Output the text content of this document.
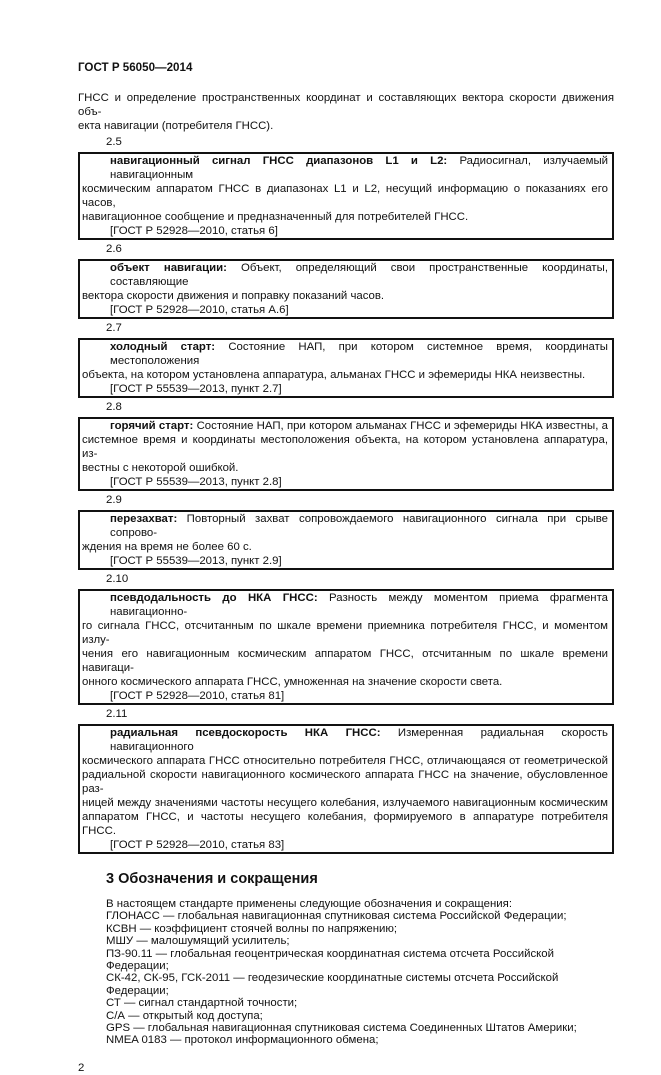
ГОСТ Р 56050—2014
ГНСС и определение пространственных координат и составляющих вектора скорости движения объ-
екта навигации (потребителя ГНСС).
2.5
навигационный сигнал ГНСС диапазонов L1 и L2: Радиосигнал, излучаемый навигационным
космическим аппаратом ГНСС в диапазонах L1 и L2, несущий информацию о показаниях его часов,
навигационное сообщение и предназначенный для потребителей ГНСС.
[ГОСТ Р 52928—2010, статья 6]
2.6
объект навигации: Объект, определяющий свои пространственные координаты, составляющие
вектора скорости движения и поправку показаний часов.
[ГОСТ Р 52928—2010, статья А.6]
2.7
холодный старт: Состояние НАП, при котором системное время, координаты местоположения
объекта, на котором установлена аппаратура, альманах ГНСС и эфемериды НКА неизвестны.
[ГОСТ Р 55539—2013, пункт 2.7]
2.8
горячий старт: Состояние НАП, при котором альманах ГНСС и эфемериды НКА известны, а
системное время и координаты местоположения объекта, на котором установлена аппаратура, из-
вестны с некоторой ошибкой.
[ГОСТ Р 55539—2013, пункт 2.8]
2.9
перезахват: Повторный захват сопровождаемого навигационного сигнала при срыве сопрово-
ждения на время не более 60 с.
[ГОСТ Р 55539—2013, пункт 2.9]
2.10
псевдодальность до НКА ГНСС: Разность между моментом приема фрагмента навигационно-
го сигнала ГНСС, отсчитанным по шкале времени приемника потребителя ГНСС, и моментом излу-
чения его навигационным космическим аппаратом ГНСС, отсчитанным по шкале времени навигаци-
онного космического аппарата ГНСС, умноженная на значение скорости света.
[ГОСТ Р 52928—2010, статья 81]
2.11
радиальная псевдоскорость НКА ГНСС: Измеренная радиальная скорость навигационного
космического аппарата ГНСС относительно потребителя ГНСС, отличающаяся от геометрической
радиальной скорости навигационного космического аппарата ГНСС на значение, обусловленное раз-
ницей между значениями частоты несущего колебания, излучаемого навигационным космическим
аппаратом ГНСС, и частоты несущего колебания, формируемого в аппаратуре потребителя ГНСС.
[ГОСТ Р 52928—2010, статья 83]
3 Обозначения и сокращения
В настоящем стандарте применены следующие обозначения и сокращения:
ГЛОНАСС — глобальная навигационная спутниковая система Российской Федерации;
КСВН — коэффициент стоячей волны по напряжению;
МШУ — малошумящий усилитель;
ПЗ-90.11 — глобальная геоцентрическая координатная система отсчета Российской Федерации;
СК-42, СК-95, ГСК-2011 — геодезические координатные системы отсчета Российской Федерации;
СТ — сигнал стандартной точности;
С/А — открытый код доступа;
GPS — глобальная навигационная спутниковая система Соединенных Штатов Америки;
NMEA 0183 — протокол информационного обмена;
2
